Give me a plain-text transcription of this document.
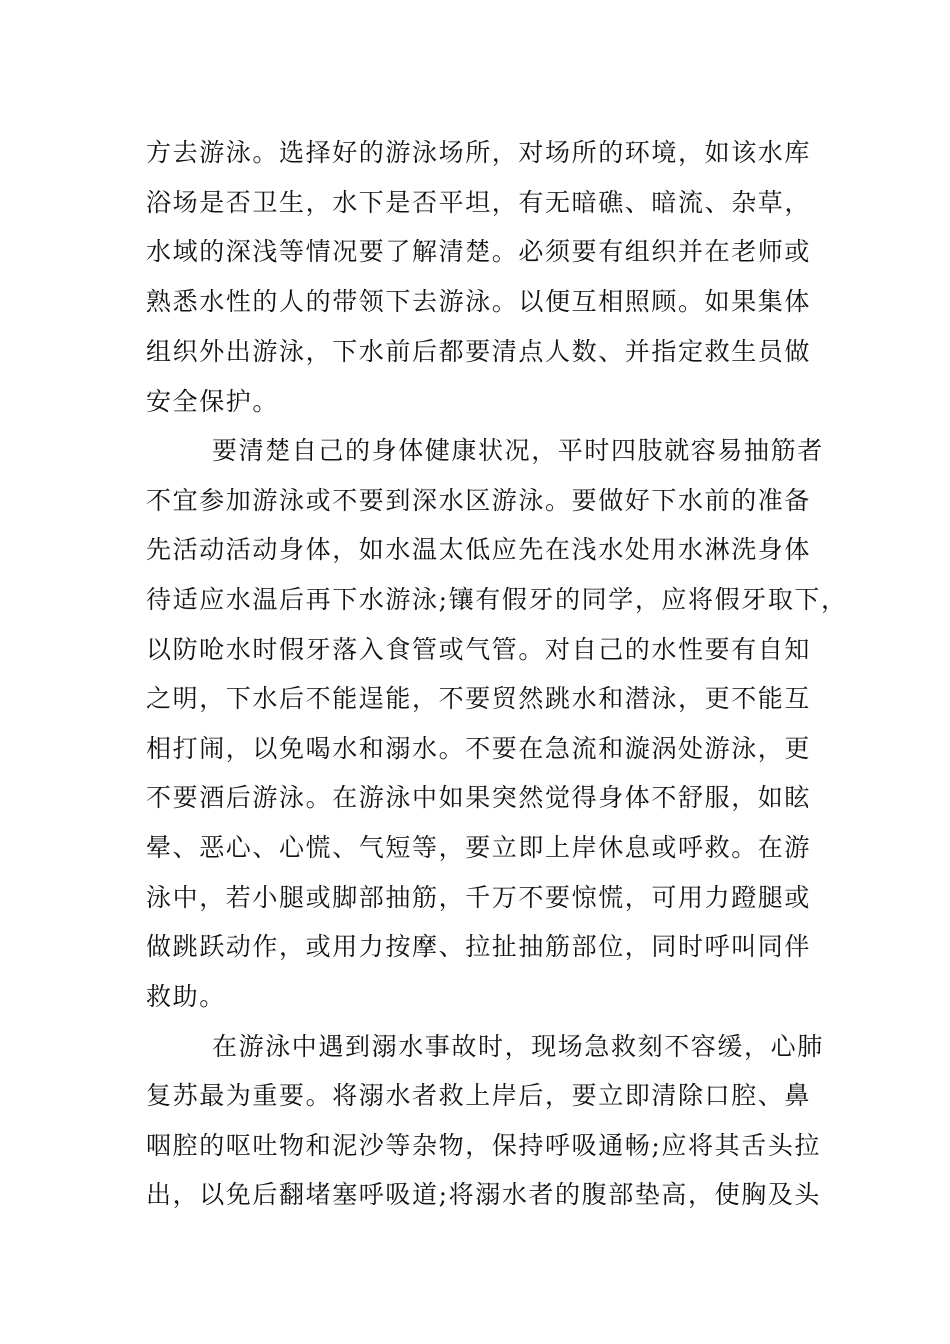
方去游泳。选择好的游泳场所，对场所的环境，如该水库
浴场是否卫生，水下是否平坦，有无暗礁、暗流、杂草，
水域的深浅等情况要了解清楚。必须要有组织并在老师或
熟悉水性的人的带领下去游泳。以便互相照顾。如果集体
组织外出游泳，下水前后都要清点人数、并指定救生员做
安全保护。
要清楚自己的身体健康状况，平时四肢就容易抽筋者
不宜参加游泳或不要到深水区游泳。要做好下水前的准备
先活动活动身体，如水温太低应先在浅水处用水淋洗身体
待适应水温后再下水游泳;镶有假牙的同学，应将假牙取下，
以防呛水时假牙落入食管或气管。对自己的水性要有自知
之明，下水后不能逞能，不要贸然跳水和潜泳，更不能互
相打闹，以免喝水和溺水。不要在急流和漩涡处游泳，更
不要酒后游泳。在游泳中如果突然觉得身体不舒服，如眩
晕、恶心、心慌、气短等，要立即上岸休息或呼救。在游
泳中，若小腿或脚部抽筋，千万不要惊慌，可用力蹬腿或
做跳跃动作，或用力按摩、拉扯抽筋部位，同时呼叫同伴
救助。
在游泳中遇到溺水事故时，现场急救刻不容缓，心肺
复苏最为重要。将溺水者救上岸后，要立即清除口腔、鼻
咽腔的呕吐物和泥沙等杂物，保持呼吸通畅;应将其舌头拉
出，以免后翻堵塞呼吸道;将溺水者的腹部垫高，使胸及头
